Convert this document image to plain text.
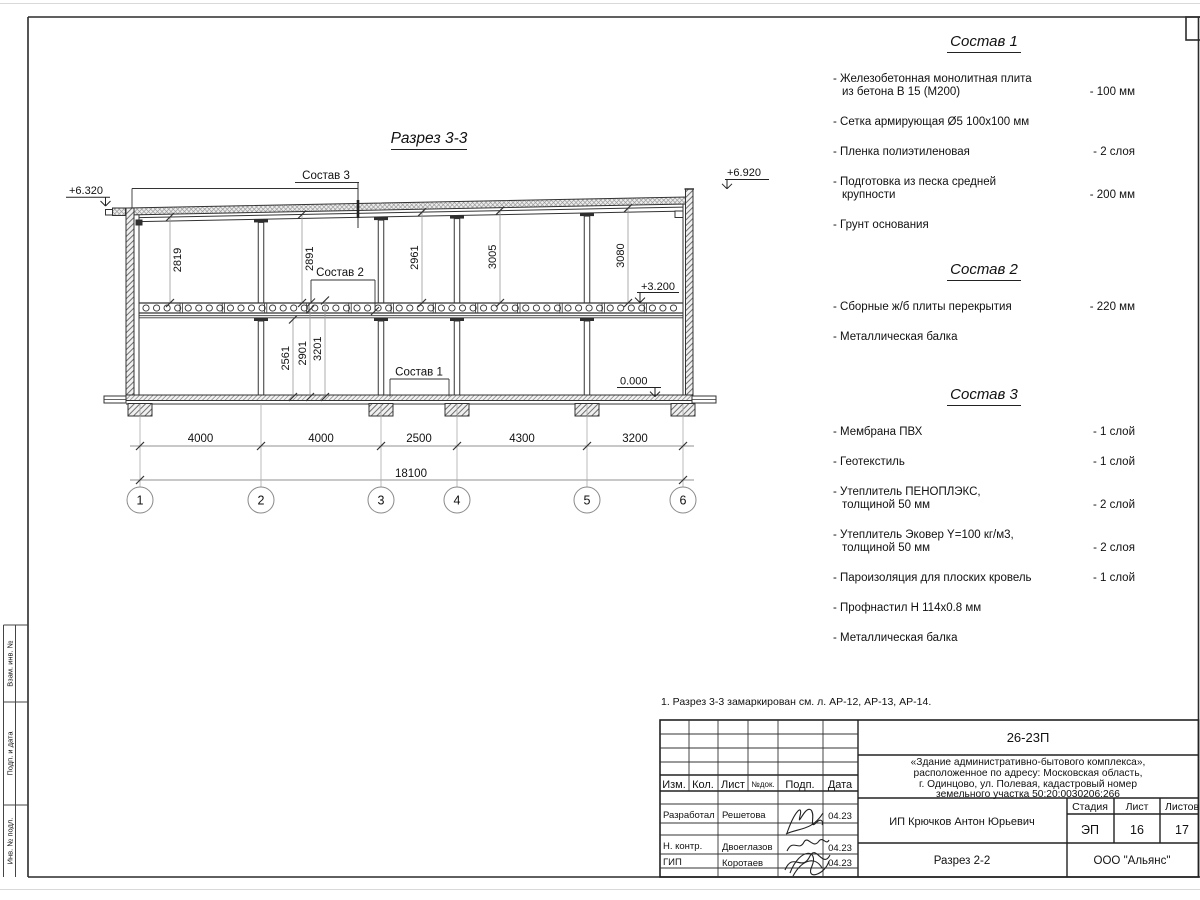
Взам. инв. №
Подп. и дата
Инв. № подл.
Изм. Кол. Лист №док. Подп. Дата
Разработал Решетова	04.23
Н. контр. Двоеглазов	04.23
ГИП	Коротаев	04.23
26-23П
«Здание административно-бытового комплекса»,
расположенное по адресу: Московская область,
г. Одинцово, ул. Полевая, кадастровый номер
земельного участка 50:20:0030206:266
ИП Крючков Антон Юрьевич
Стадия Лист Листов
ЭП 16 17
Разрез 2-2	ООО "Альянс"
Разрез 3-3
Состав 3
Состав 2
Состав 1
+6.320
+6.920
+3.200
0.000
2819	2891	2961	3005	3080
2561 2901 3201
4000	4000	2500	4300	3200
18100
1	2	3	4	5	6
Состав 1
- Железобетонная монолитная плита
из бетона В 15 (М200)	- 100 мм
- Сетка армирующая Ø5 100х100 мм
- Пленка полиэтиленовая	- 2 слоя
- Подготовка из песка средней
крупности	- 200 мм
- Грунт основания
Состав 2
- Сборные ж/б плиты перекрытия	- 220 мм
- Металлическая балка
Состав 3
- Мембрана ПВХ	- 1 слой
- Геотекстиль	- 1 слой
- Утеплитель ПЕНОПЛЭКС,
толщиной 50 мм	- 2 слой
- Утеплитель Эковер Y=100 кг/м3,
толщиной 50 мм	- 2 слоя
- Пароизоляция для плоских кровель	- 1 слой
- Профнастил Н 114х0.8 мм
- Металлическая балка
1. Разрез 3-3 замаркирован см. л. АР-12, АР-13, АР-14.
